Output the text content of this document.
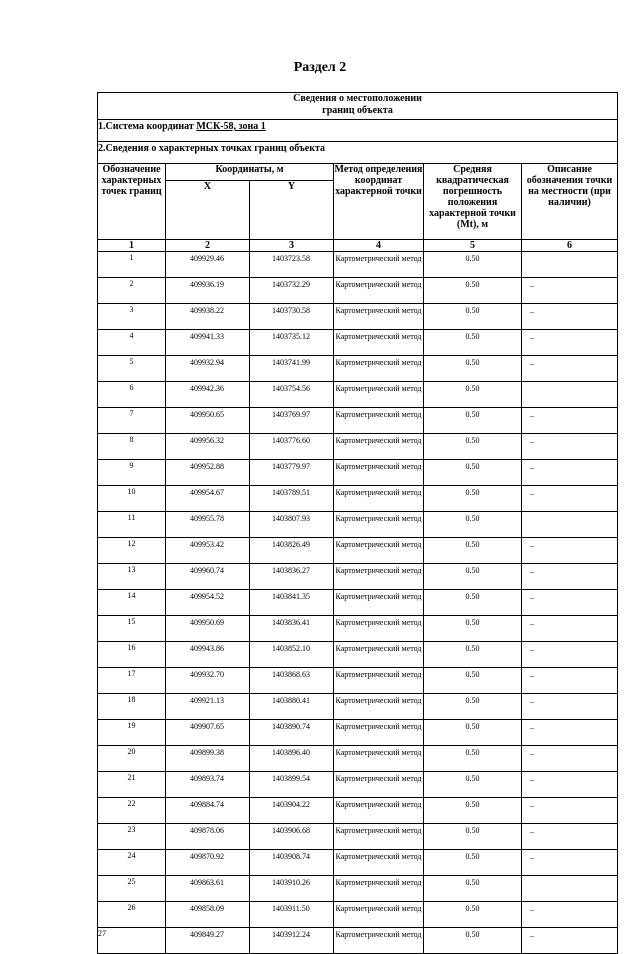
Раздел 2
Сведения о местоположении
границ объекта					

1.Система координат МСК-58, зона 1					
2.Сведения о характерных точках границ объекта					
Обозначение характерных точек границ	Координаты, м		Метод определения координат характерной точки	Средняя квадратическая погрешность положения характерной точки (Mt), м	Описание обозначения точки на местности (при наличии)
	X	Y			
1	2	3	4	5	6
1	409929.46	1403723.58	Картометрический метод	0.50	
2	409936.19	1403732.29	Картометрический метод	0.50	–
3	409938.22	1403730.58	Картометрический метод	0.50	–
4	409941.33	1403735.12	Картометрический метод	0.50	–
5	409932.94	1403741.99	Картометрический метод	0.50	–
6	409942.36	1403754.56	Картометрический метод	0.50	
7	409950.65	1403769.97	Картометрический метод	0.50	–
8	409956.32	1403776.60	Картометрический метод	0.50	–
9	409952.88	1403779.97	Картометрический метод	0.50	–
10	409954.67	1403789.51	Картометрический метод	0.50	–
11	409955.78	1403807.93	Картометрический метод	0.50	
12	409953.42	1403826.49	Картометрический метод	0.50	–
13	409960.74	1403836.27	Картометрический метод	0.50	–
14	409954.52	1403841.35	Картометрический метод	0.50	–
15	409950.69	1403836.41	Картометрический метод	0.50	–
16	409943.86	1403852.10	Картометрический метод	0.50	–
17	409932.70	1403868.63	Картометрический метод	0.50	–
18	409921.13	1403880.41	Картометрический метод	0.50	–
19	409907.65	1403890.74	Картометрический метод	0.50	–
20	409899.38	1403896.40	Картометрический метод	0.50	–
21	409893.74	1403899.54	Картометрический метод	0.50	–
22	409884.74	1403904.22	Картометрический метод	0.50	–
23	409878.06	1403906.68	Картометрический метод	0.50	–
24	409870.92	1403908.74	Картометрический метод	0.50	–
25	409863.61	1403910.26	Картометрический метод	0.50	
26	409858.09	1403911.50	Картометрический метод	0.50	–
27	409849.27	1403912.24	Картометрический метод	0.50	–
